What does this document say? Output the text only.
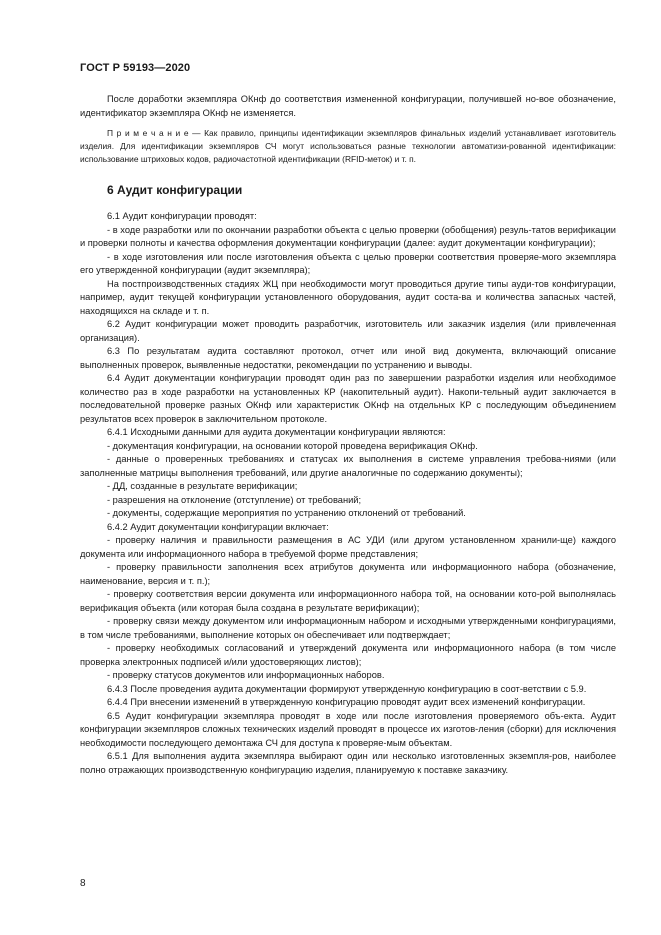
ГОСТ Р 59193—2020

После доработки экземпляра ОКнф до соответствия измененной конфигурации, получившей но-вое обозначение, идентификатор экземпляра ОКнф не изменяется.

П р и м е ч а н и е — Как правило, принципы идентификации экземпляров финальных изделий устанавливает изготовитель изделия. Для идентификации экземпляров СЧ могут использоваться разные технологии автоматизи-рованной идентификации: использование штриховых кодов, радиочастотной идентификации (RFID-меток) и т. п.

6 Аудит конфигурации

6.1 Аудит конфигурации проводят:

- в ходе разработки или по окончании разработки объекта с целью проверки (обобщения) резуль-татов верификации и проверки полноты и качества оформления документации конфигурации (далее: аудит документации конфигурации);

- в ходе изготовления или после изготовления объекта с целью проверки соответствия проверяе-мого экземпляра его утвержденной конфигурации (аудит экземпляра);

На постпроизводственных стадиях ЖЦ при необходимости могут проводиться другие типы ауди-тов конфигурации, например, аудит текущей конфигурации установленного оборудования, аудит соста-ва и количества запасных частей, находящихся на складе и т. п.

6.2 Аудит конфигурации может проводить разработчик, изготовитель или заказчик изделия (или привлеченная организация).

6.3 По результатам аудита составляют протокол, отчет или иной вид документа, включающий описание выполненных проверок, выявленные недостатки, рекомендации по устранению и выводы.

6.4 Аудит документации конфигурации проводят один раз по завершении разработки изделия или необходимое количество раз в ходе разработки на установленных КР (накопительный аудит). Накопи-тельный аудит заключается в последовательной проверке разных ОКнф или характеристик ОКнф на отдельных КР с последующим объединением результатов всех проверок в заключительном протоколе.

6.4.1 Исходными данными для аудита документации конфигурации являются:

- документация конфигурации, на основании которой проведена верификация ОКнф.

- данные о проверенных требованиях и статусах их выполнения в системе управления требова-ниями (или заполненные матрицы выполнения требований, или другие аналогичные по содержанию документы);

- ДД, созданные в результате верификации;

- разрешения на отклонение (отступление) от требований;

- документы, содержащие мероприятия по устранению отклонений от требований.

6.4.2 Аудит документации конфигурации включает:

- проверку наличия и правильности размещения в АС УДИ (или другом установленном хранили-ще) каждого документа или информационного набора в требуемой форме представления;

- проверку правильности заполнения всех атрибутов документа или информационного набора (обозначение, наименование, версия и т. п.);

- проверку соответствия версии документа или информационного набора той, на основании кото-рой выполнялась верификация объекта (или которая была создана в результате верификации);

- проверку связи между документом или информационным набором и исходными утвержденными конфигурациями, в том числе требованиями, выполнение которых он обеспечивает или подтверждает;

- проверку необходимых согласований и утверждений документа или информационного набора (в том числе проверка электронных подписей и/или удостоверяющих листов);

- проверку статусов документов или информационных наборов.

6.4.3 После проведения аудита документации формируют утвержденную конфигурацию в соот-ветствии с 5.9.

6.4.4 При внесении изменений в утвержденную конфигурацию проводят аудит всех изменений конфигурации.

6.5 Аудит конфигурации экземпляра проводят в ходе или после изготовления проверяемого объ-екта. Аудит конфигурации экземпляров сложных технических изделий проводят в процессе их изготов-ления (сборки) для исключения необходимости последующего демонтажа СЧ для доступа к проверяе-мым объектам.

6.5.1 Для выполнения аудита экземпляра выбирают один или несколько изготовленных экземпля-ров, наиболее полно отражающих производственную конфигурацию изделия, планируемую к поставке заказчику.

8
